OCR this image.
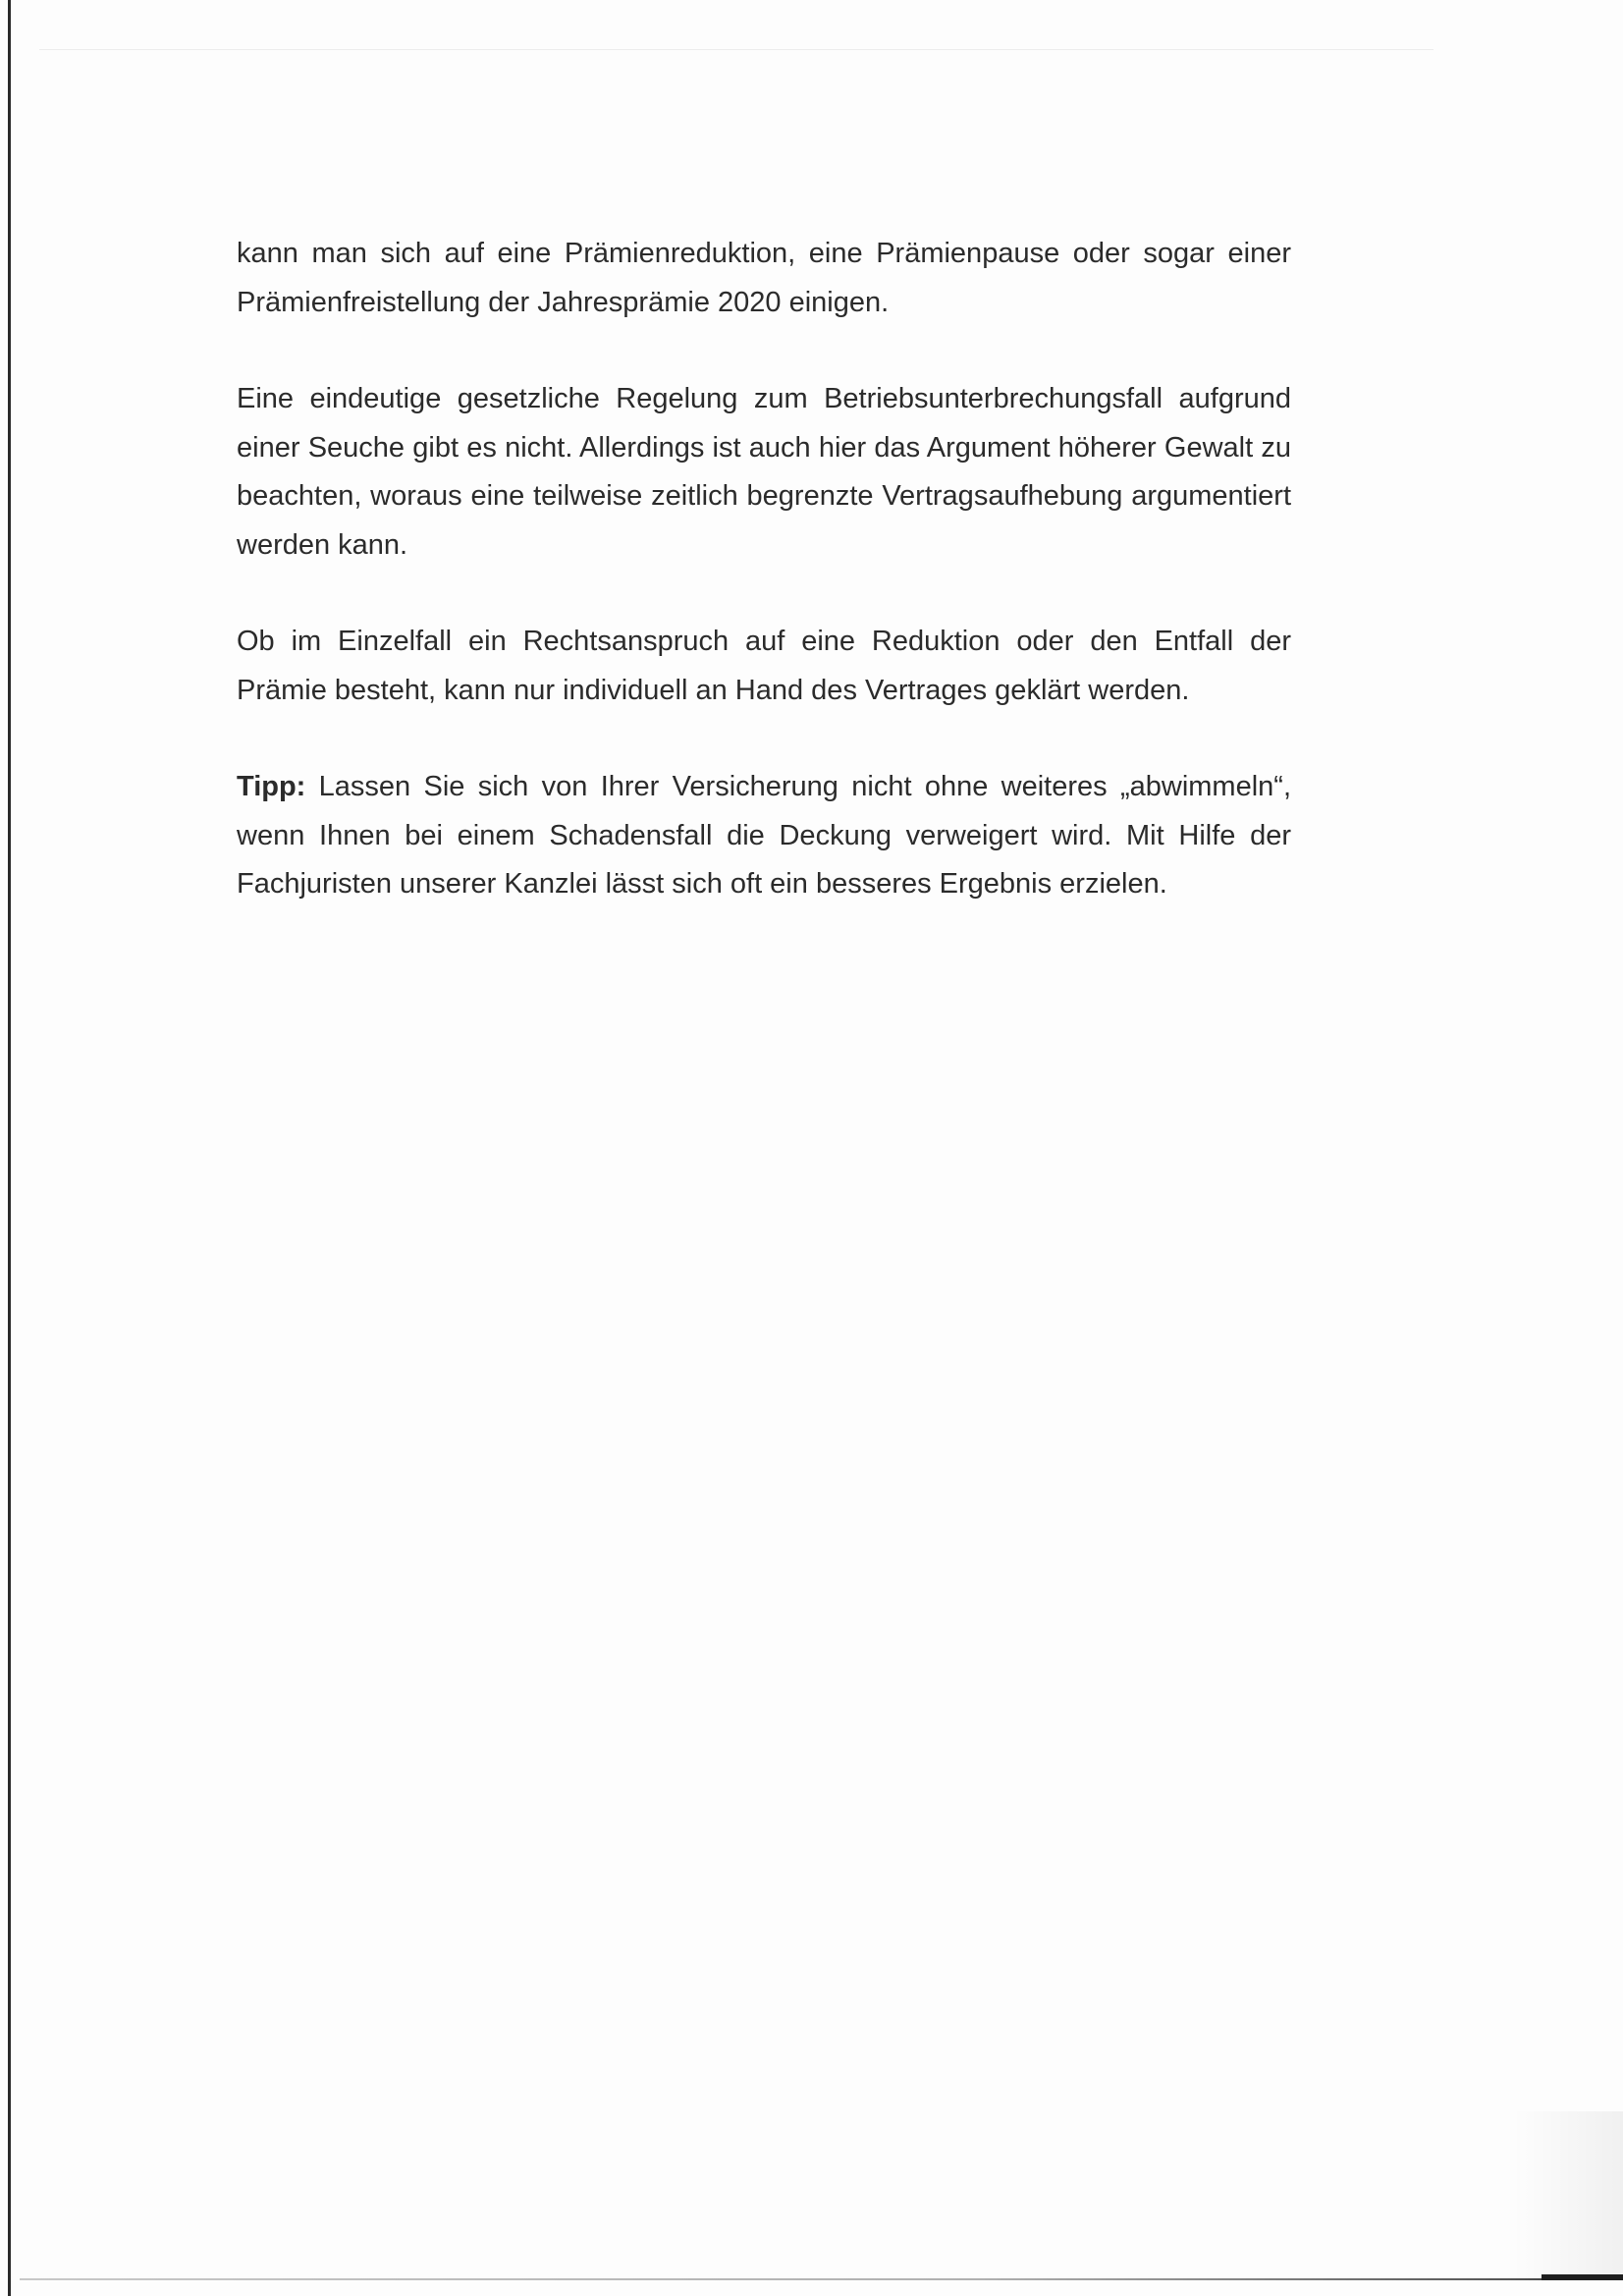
kann man sich auf eine Prämienreduktion, eine Prämienpause oder sogar einer Prämienfreistellung der Jahresprämie 2020 einigen.

Eine eindeutige gesetzliche Regelung zum Betriebsunterbrechungsfall aufgrund einer Seuche gibt es nicht. Allerdings ist auch hier das Argument höherer Gewalt zu beachten, woraus eine teilweise zeitlich begrenzte Vertragsaufhebung argumentiert werden kann.

Ob im Einzelfall ein Rechtsanspruch auf eine Reduktion oder den Entfall der Prämie besteht, kann nur individuell an Hand des Vertrages geklärt werden.

Tipp: Lassen Sie sich von Ihrer Versicherung nicht ohne weiteres „abwimmeln“, wenn Ihnen bei einem Schadensfall die Deckung verweigert wird. Mit Hilfe der Fachjuristen unserer Kanzlei lässt sich oft ein besseres Ergebnis erzielen.
